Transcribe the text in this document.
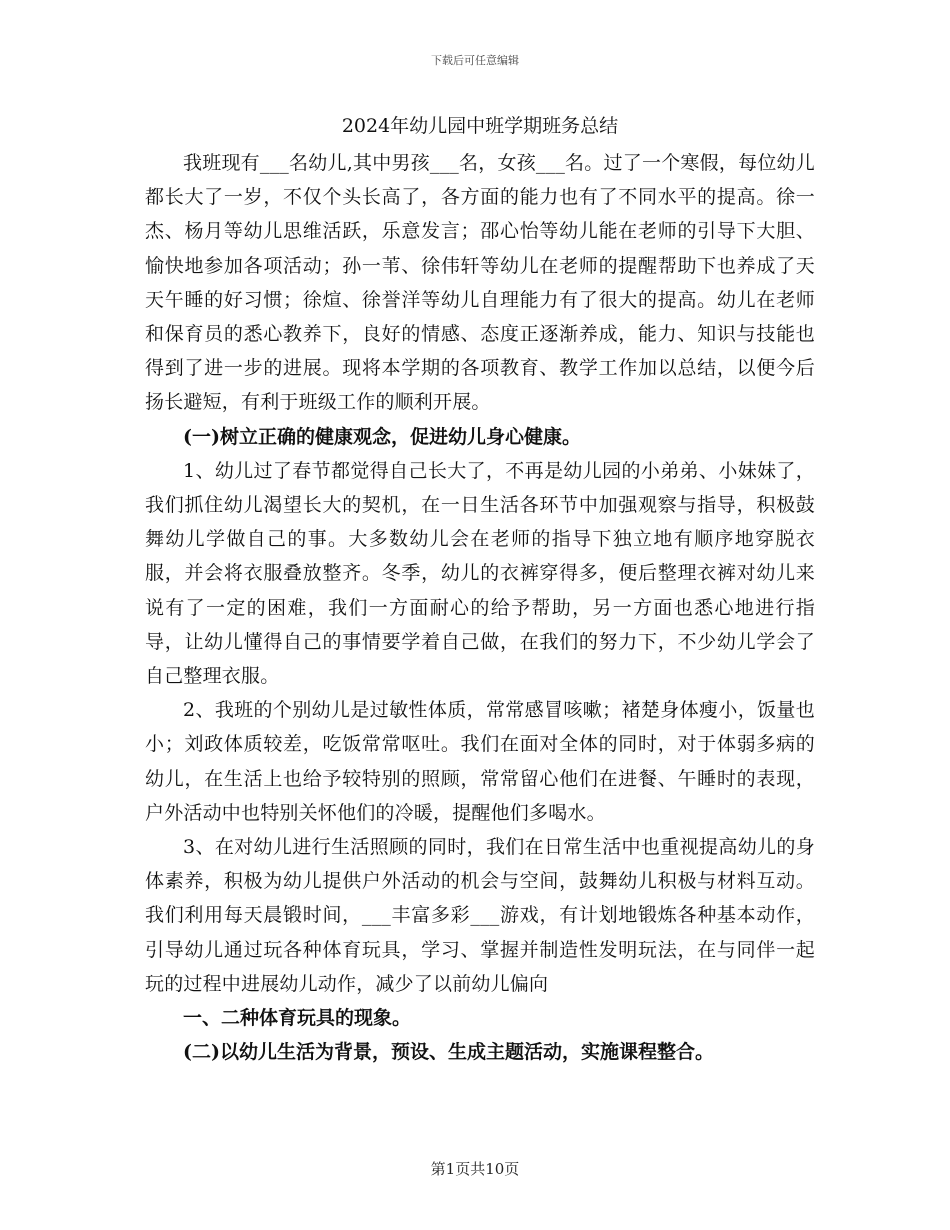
下载后可任意编辑

2024年幼儿园中班学期班务总结

我班现有___名幼儿,其中男孩___名，女孩___名。过了一个寒假，每位幼儿都长大了一岁，不仅个头长高了，各方面的能力也有了不同水平的提高。徐一杰、杨月等幼儿思维活跃，乐意发言；邵心怡等幼儿能在老师的引导下大胆、愉快地参加各项活动；孙一苇、徐伟轩等幼儿在老师的提醒帮助下也养成了天天午睡的好习惯；徐煊、徐誉洋等幼儿自理能力有了很大的提高。幼儿在老师和保育员的悉心教养下，良好的情感、态度正逐渐养成，能力、知识与技能也得到了进一步的进展。现将本学期的各项教育、教学工作加以总结，以便今后扬长避短，有利于班级工作的顺利开展。

(一)树立正确的健康观念，促进幼儿身心健康。

1、幼儿过了春节都觉得自己长大了，不再是幼儿园的小弟弟、小妹妹了，我们抓住幼儿渴望长大的契机，在一日生活各环节中加强观察与指导，积极鼓舞幼儿学做自己的事。大多数幼儿会在老师的指导下独立地有顺序地穿脱衣服，并会将衣服叠放整齐。冬季，幼儿的衣裤穿得多，便后整理衣裤对幼儿来说有了一定的困难，我们一方面耐心的给予帮助，另一方面也悉心地进行指导，让幼儿懂得自己的事情要学着自己做，在我们的努力下，不少幼儿学会了自己整理衣服。

2、我班的个别幼儿是过敏性体质，常常感冒咳嗽；褚楚身体瘦小，饭量也小；刘政体质较差，吃饭常常呕吐。我们在面对全体的同时，对于体弱多病的幼儿，在生活上也给予较特别的照顾，常常留心他们在进餐、午睡时的表现，户外活动中也特别关怀他们的冷暖，提醒他们多喝水。

3、在对幼儿进行生活照顾的同时，我们在日常生活中也重视提高幼儿的身体素养，积极为幼儿提供户外活动的机会与空间，鼓舞幼儿积极与材料互动。我们利用每天晨锻时间，___丰富多彩___游戏，有计划地锻炼各种基本动作，引导幼儿通过玩各种体育玩具，学习、掌握并制造性发明玩法，在与同伴一起玩的过程中进展幼儿动作，减少了以前幼儿偏向

一、二种体育玩具的现象。

(二)以幼儿生活为背景，预设、生成主题活动，实施课程整合。

第1页共10页
